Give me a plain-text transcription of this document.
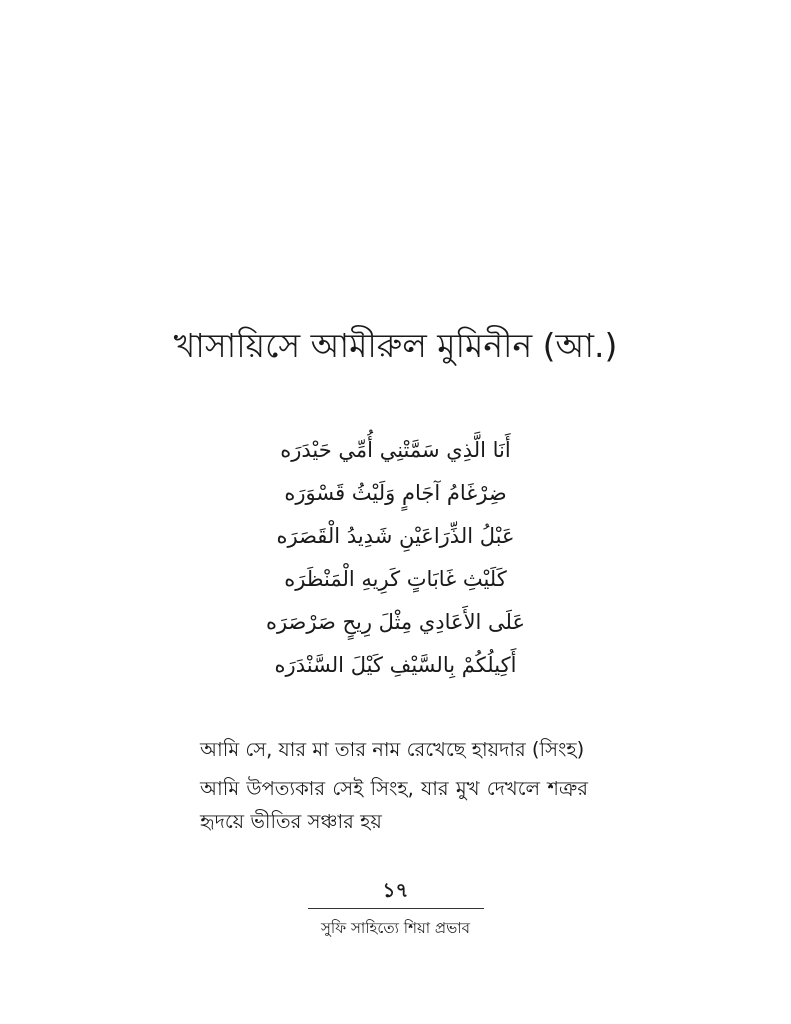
খাসায়িসে আমীরুল মুমিনীন (আ.)
أَنَا الَّذِي سَمَّتْنِي أُمِّي حَيْدَرَه
ضِرْغَامُ آجَامٍ وَلَيْثُ قَسْوَرَه
عَبْلُ الذِّرَاعَيْنِ شَدِيدُ الْقَصَرَه
كَلَيْثِ غَابَاتٍ كَرِيهِ الْمَنْظَرَه
عَلَى الأَعَادِي مِثْلَ رِيحٍ صَرْصَرَه
أَكِيلُكُمْ بِالسَّيْفِ كَيْلَ السَّنْدَرَه

আমি সে, যার মা তার নাম রেখেছে হায়দার (সিংহ)

আমি উপত্যকার সেই সিংহ, যার মুখ দেখলে শত্রুর হৃদয়ে ভীতির সঞ্চার হয়

১৭
সুফি সাহিত্যে শিয়া প্রভাব
